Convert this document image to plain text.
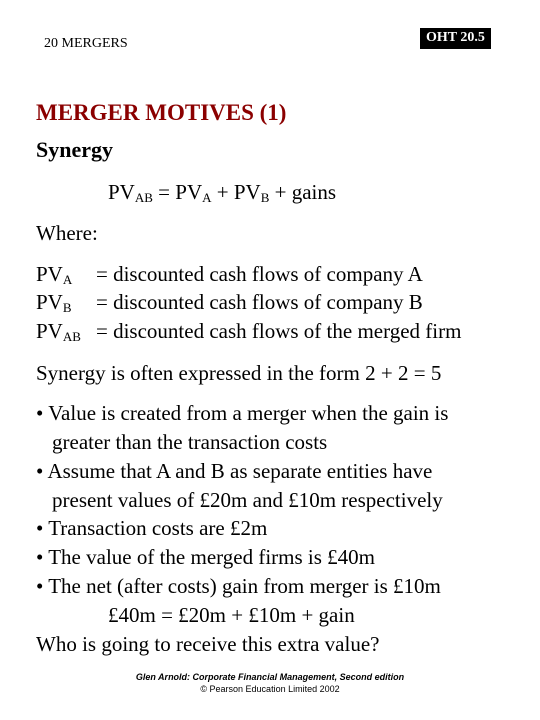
20 MERGERS	OHT 20.5
MERGER MOTIVES (1)
Synergy
$PV_{AB} = PV_A + PV_B$ + gains
Where:
$PV_A$ = discounted cash flows of company A
$PV_B$ = discounted cash flows of company B
$PV_{AB}$ = discounted cash flows of the merged firm
Synergy is often expressed in the form 2 + 2 = 5
• Value is created from a merger when the gain is
greater than the transaction costs
• Assume that A and B as separate entities have
present values of £20m and £10m respectively
• Transaction costs are £2m
• The value of the merged firms is £40m
• The net (after costs) gain from merger is £10m
£40m = £20m + £10m + gain
Who is going to receive this extra value?
Glen Arnold: Corporate Financial Management, Second edition
© Pearson Education Limited 2002
